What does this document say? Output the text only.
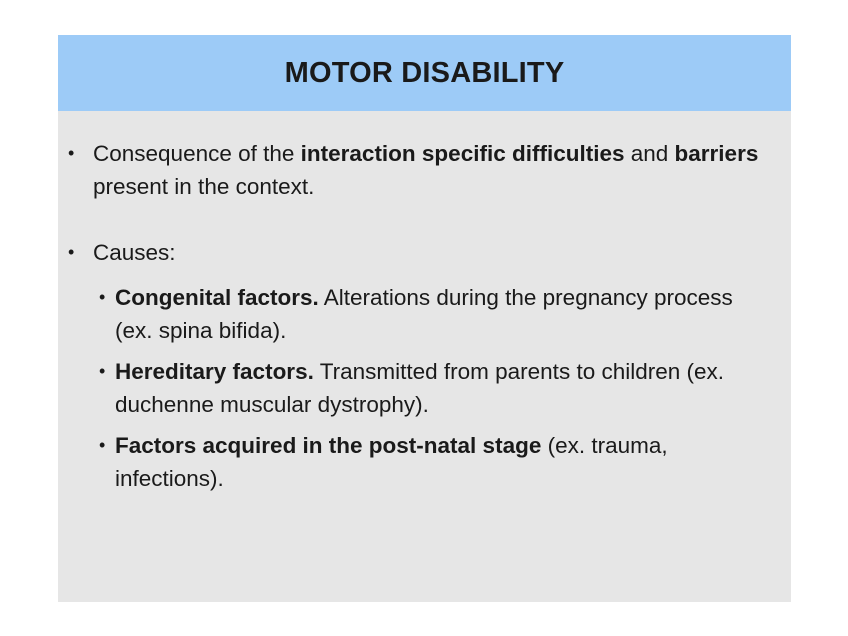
MOTOR DISABILITY
• Consequence of the interaction specific difficulties and barriers present in the context.
• Causes:
• Congenital factors. Alterations during the pregnancy process (ex. spina bifida).
• Hereditary factors. Transmitted from parents to children (ex. duchenne muscular dystrophy).
• Factors acquired in the post-natal stage (ex. trauma, infections).
